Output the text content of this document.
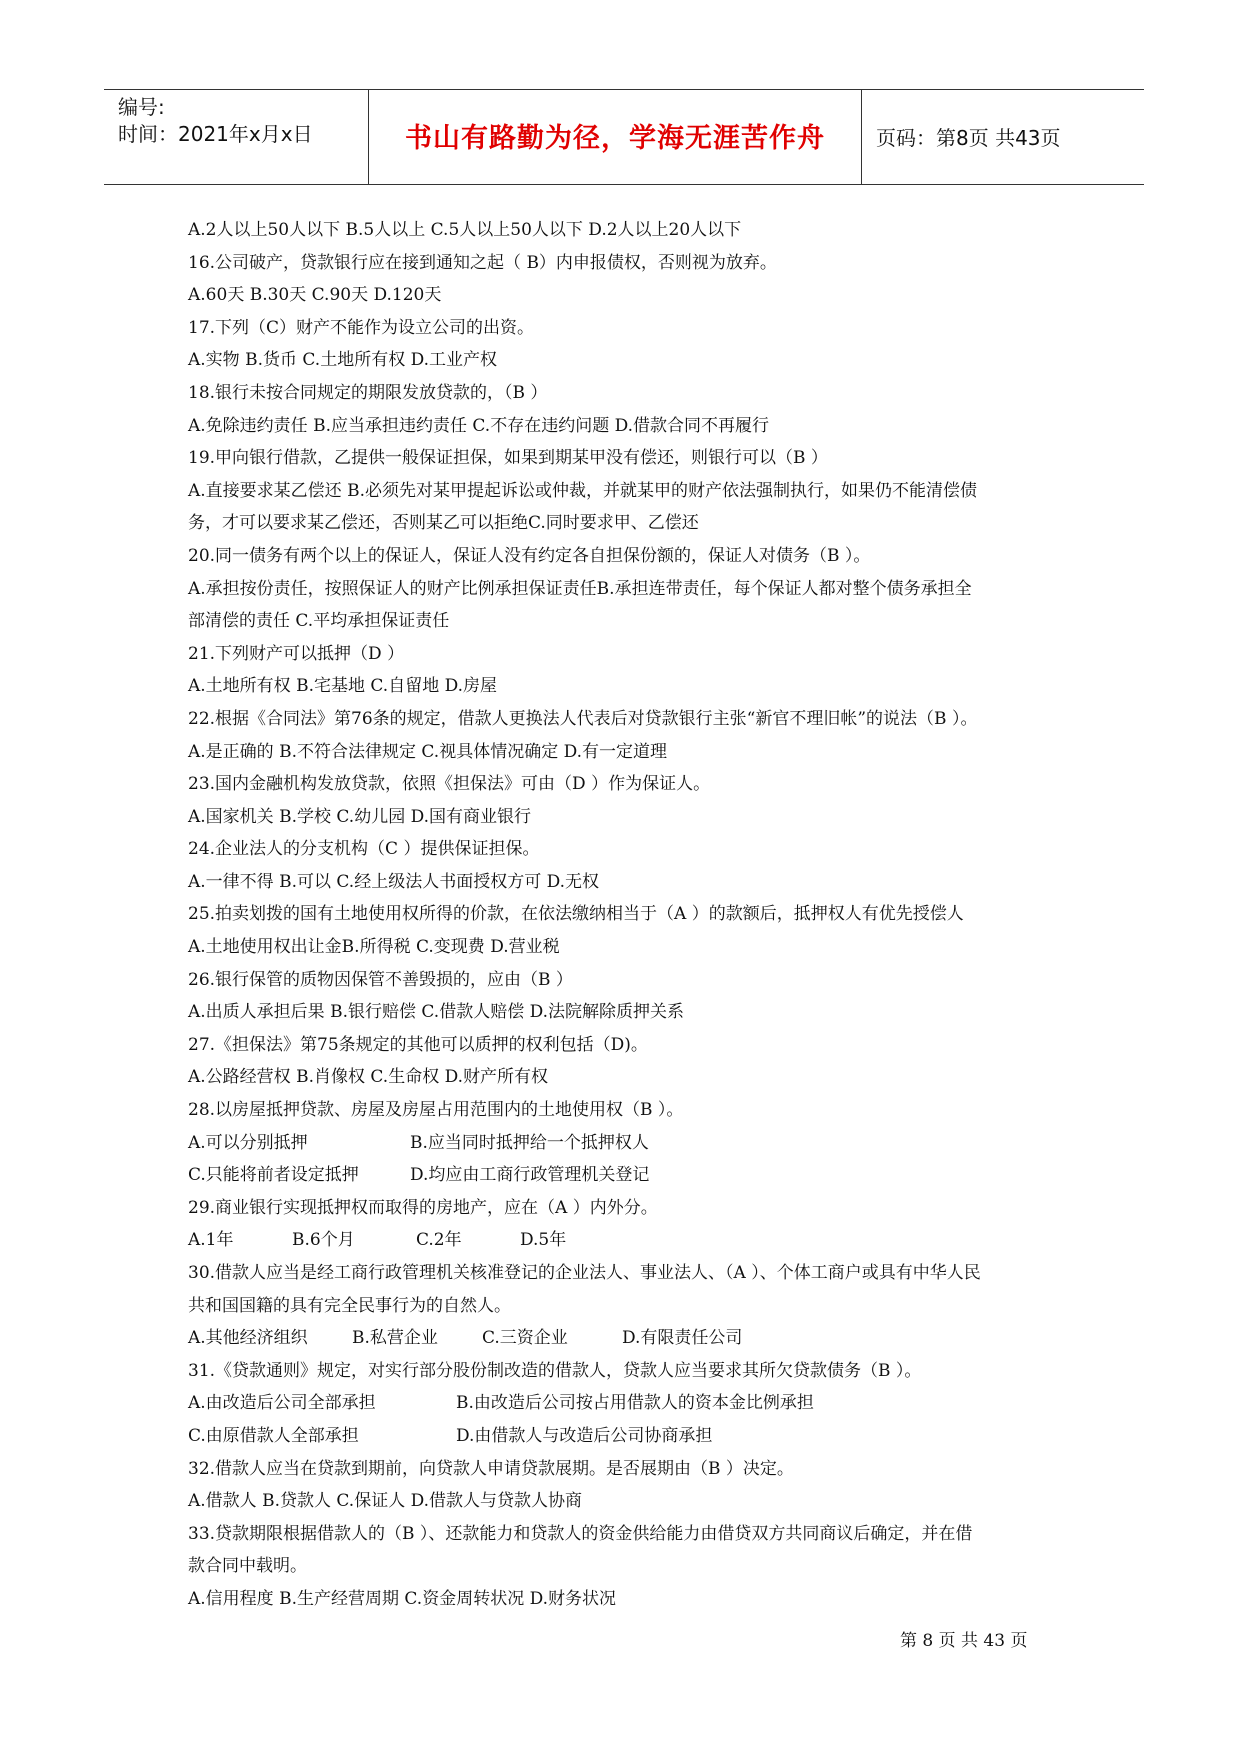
编号:
时间：2021年x月x日	书山有路勤为径，学海无涯苦作舟	页码：第8页 共43页
A.2人以上50人以下 B.5人以上 C.5人以上50人以下 D.2人以上20人以下
16.公司破产，贷款银行应在接到通知之起（ B）内申报债权，否则视为放弃。
A.60天 B.30天 C.90天 D.120天
17.下列（C）财产不能作为设立公司的出资。
A.实物 B.货币 C.土地所有权 D.工业产权
18.银行未按合同规定的期限发放贷款的，（B ）
A.免除违约责任 B.应当承担违约责任 C.不存在违约问题 D.借款合同不再履行
19.甲向银行借款，乙提供一般保证担保，如果到期某甲没有偿还，则银行可以（B ）
A.直接要求某乙偿还 B.必须先对某甲提起诉讼或仲裁，并就某甲的财产依法强制执行，如果仍不能清偿债
务，才可以要求某乙偿还，否则某乙可以拒绝C.同时要求甲、乙偿还
20.同一债务有两个以上的保证人，保证人没有约定各自担保份额的，保证人对债务（B ）。
A.承担按份责任，按照保证人的财产比例承担保证责任B.承担连带责任，每个保证人都对整个债务承担全
部清偿的责任 C.平均承担保证责任
21.下列财产可以抵押（D ）
A.土地所有权 B.宅基地 C.自留地 D.房屋
22.根据《合同法》第76条的规定，借款人更换法人代表后对贷款银行主张“新官不理旧帐”的说法（B ）。
A.是正确的 B.不符合法律规定 C.视具体情况确定 D.有一定道理
23.国内金融机构发放贷款，依照《担保法》可由（D ）作为保证人。
A.国家机关 B.学校 C.幼儿园 D.国有商业银行
24.企业法人的分支机构（C ）提供保证担保。
A.一律不得 B.可以 C.经上级法人书面授权方可 D.无权
25.拍卖划拨的国有土地使用权所得的价款，在依法缴纳相当于（A ）的款额后，抵押权人有优先授偿人
A.土地使用权出让金B.所得税 C.变现费 D.营业税
26.银行保管的质物因保管不善毁损的，应由（B ）
A.出质人承担后果 B.银行赔偿 C.借款人赔偿 D.法院解除质押关系
27.《担保法》第75条规定的其他可以质押的权利包括（D)。
A.公路经营权 B.肖像权 C.生命权 D.财产所有权
28.以房屋抵押贷款、房屋及房屋占用范围内的土地使用权（B ）。
A.可以分别抵押	B.应当同时抵押给一个抵押权人
C.只能将前者设定抵押	D.均应由工商行政管理机关登记
29.商业银行实现抵押权而取得的房地产，应在（A ）内外分。
A.1年	B.6个月	C.2年	D.5年
30.借款人应当是经工商行政管理机关核准登记的企业法人、事业法人、（A ）、个体工商户或具有中华人民
共和国国籍的具有完全民事行为的自然人。
A.其他经济组织	B.私营企业	C.三资企业	D.有限责任公司
31.《贷款通则》规定，对实行部分股份制改造的借款人，贷款人应当要求其所欠贷款债务（B ）。
A.由改造后公司全部承担	B.由改造后公司按占用借款人的资本金比例承担
C.由原借款人全部承担	D.由借款人与改造后公司协商承担
32.借款人应当在贷款到期前，向贷款人申请贷款展期。是否展期由（B ）决定。
A.借款人 B.贷款人 C.保证人 D.借款人与贷款人协商
33.贷款期限根据借款人的（B ）、还款能力和贷款人的资金供给能力由借贷双方共同商议后确定，并在借
款合同中载明。
A.信用程度 B.生产经营周期 C.资金周转状况 D.财务状况
第 8 页 共 43 页
